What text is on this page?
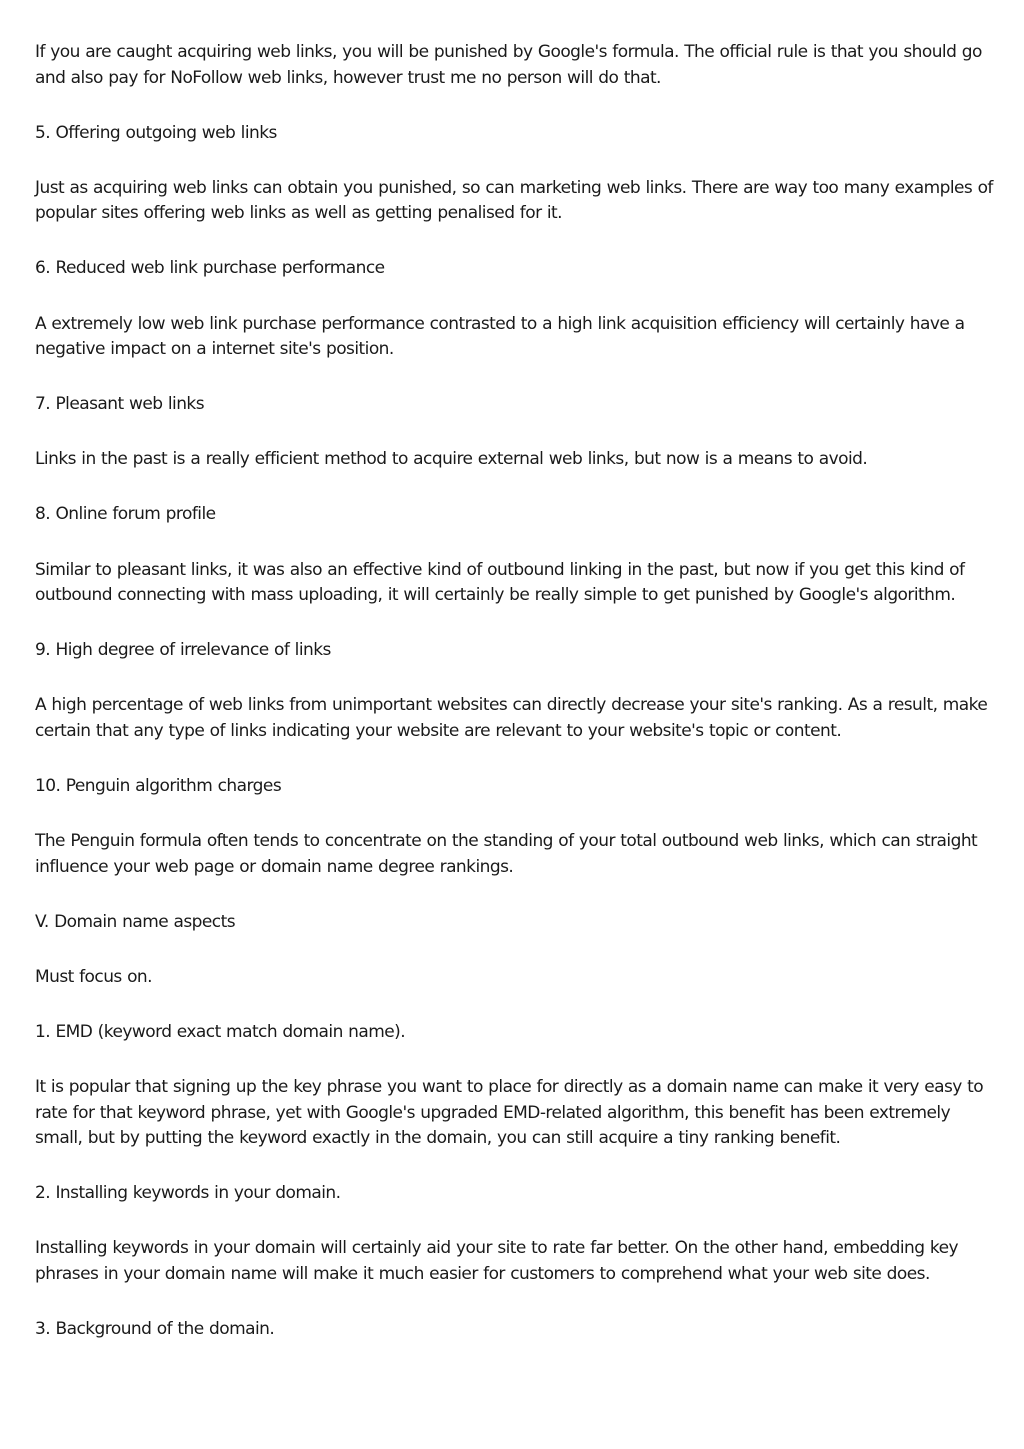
If you are caught acquiring web links, you will be punished by Google's formula. The official rule is that you should go and also pay for NoFollow web links, however trust me no person will do that.

5. Offering outgoing web links

Just as acquiring web links can obtain you punished, so can marketing web links. There are way too many examples of popular sites offering web links as well as getting penalised for it.

6. Reduced web link purchase performance

A extremely low web link purchase performance contrasted to a high link acquisition efficiency will certainly have a negative impact on a internet site's position.

7. Pleasant web links

Links in the past is a really efficient method to acquire external web links, but now is a means to avoid.

8. Online forum profile

Similar to pleasant links, it was also an effective kind of outbound linking in the past, but now if you get this kind of outbound connecting with mass uploading, it will certainly be really simple to get punished by Google's algorithm.

9. High degree of irrelevance of links

A high percentage of web links from unimportant websites can directly decrease your site's ranking. As a result, make certain that any type of links indicating your website are relevant to your website's topic or content.

10. Penguin algorithm charges

The Penguin formula often tends to concentrate on the standing of your total outbound web links, which can straight influence your web page or domain name degree rankings.

V. Domain name aspects

Must focus on.

1. EMD (keyword exact match domain name).

It is popular that signing up the key phrase you want to place for directly as a domain name can make it very easy to rate for that keyword phrase, yet with Google's upgraded EMD-related algorithm, this benefit has been extremely small, but by putting the keyword exactly in the domain, you can still acquire a tiny ranking benefit.

2. Installing keywords in your domain.

Installing keywords in your domain will certainly aid your site to rate far better. On the other hand, embedding key phrases in your domain name will make it much easier for customers to comprehend what your web site does.

3. Background of the domain.
